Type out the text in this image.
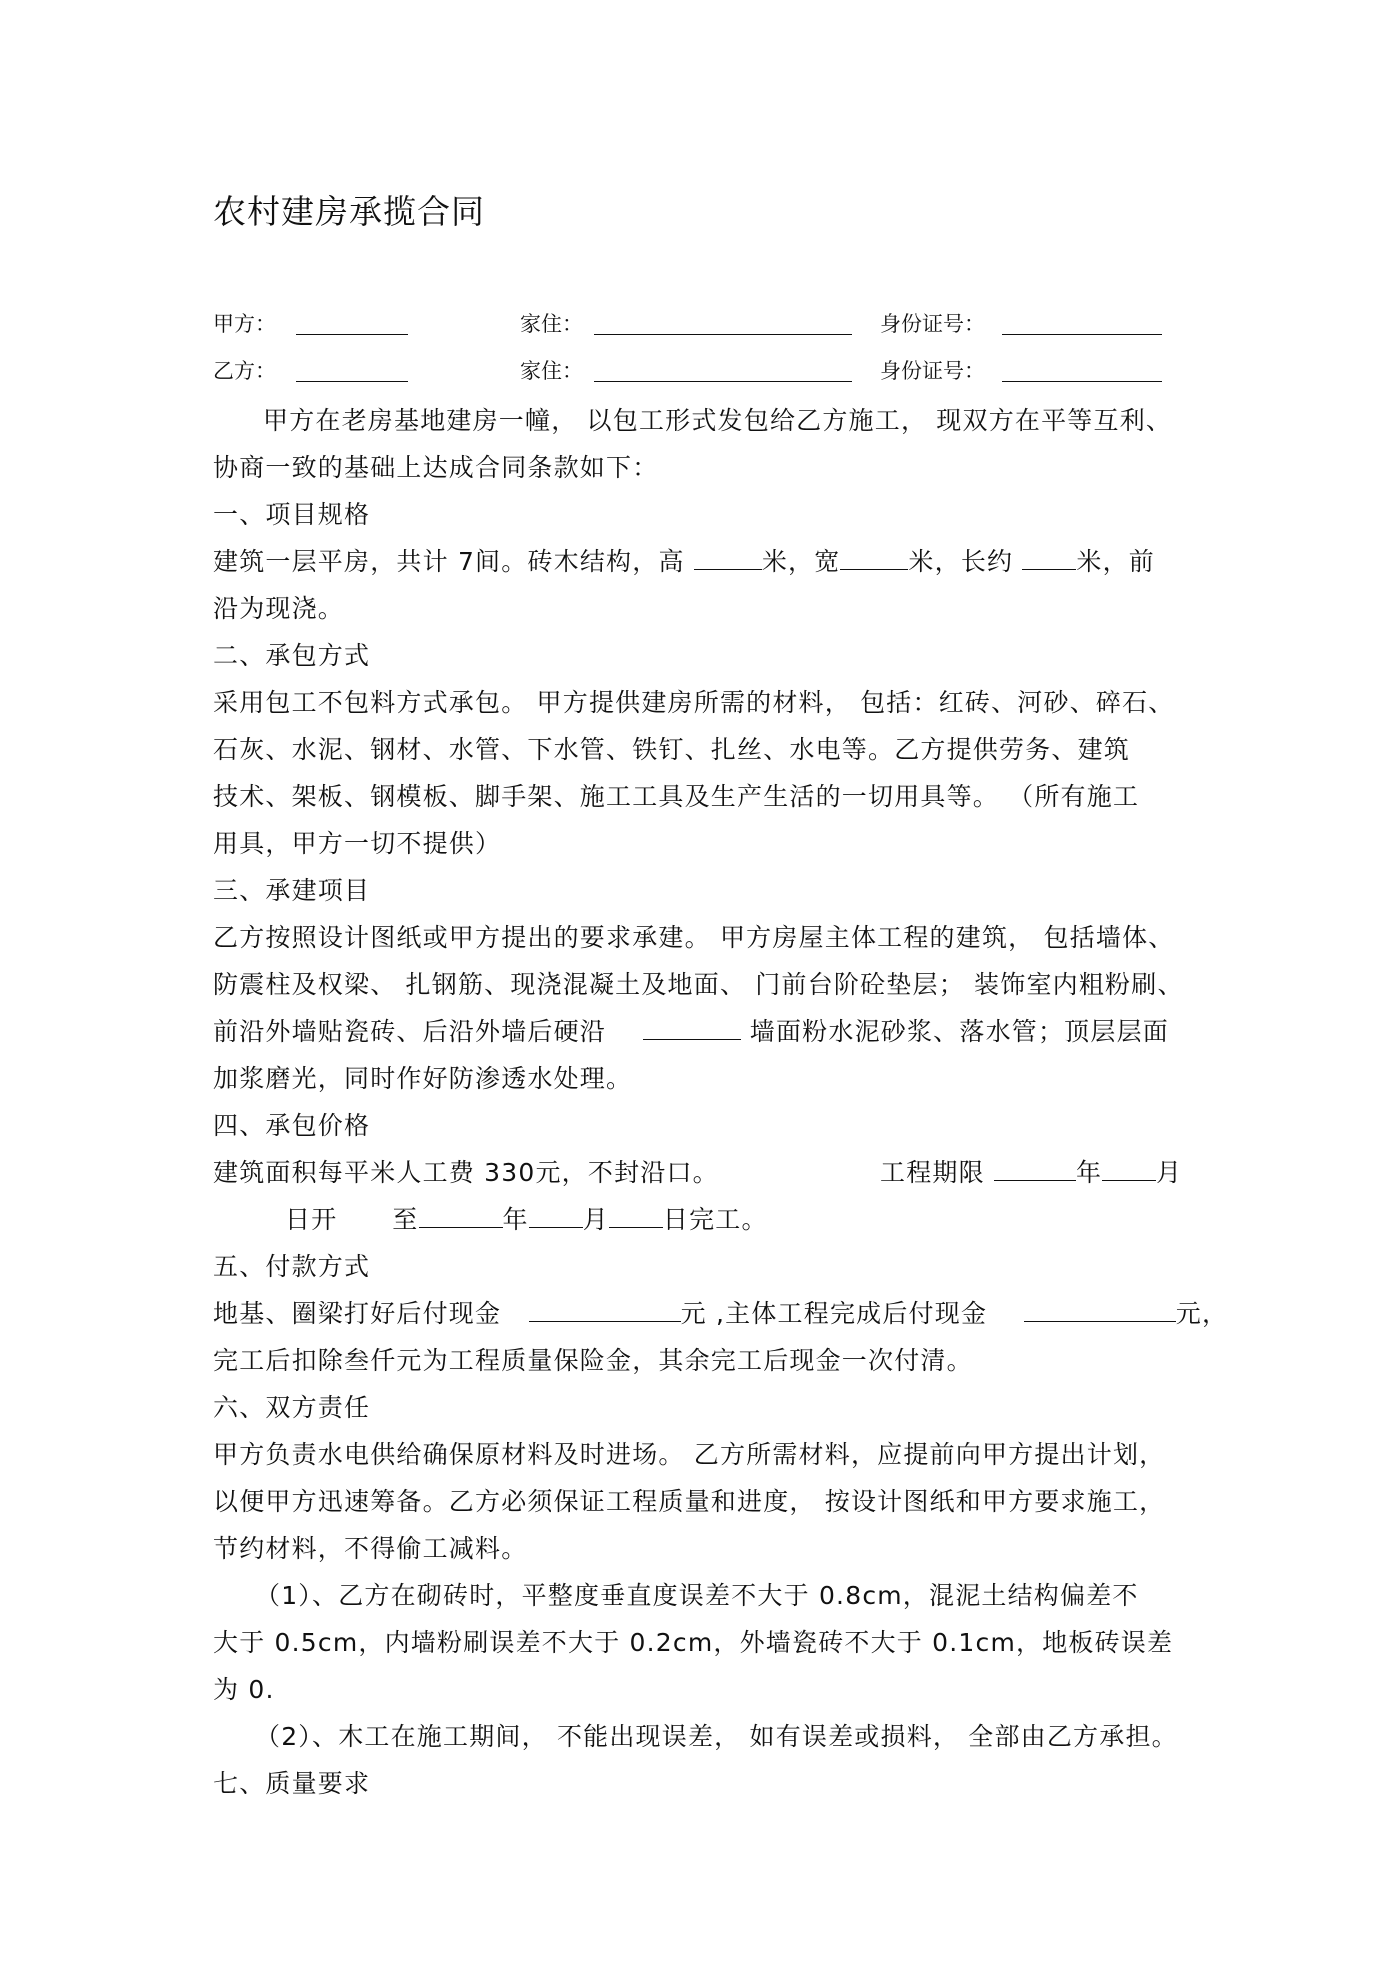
农村建房承揽合同
甲方：	家住：	身份证号：
乙方：	家住：	身份证号：
甲方在老房基地建房一幢， 以包工形式发包给乙方施工， 现双方在平等互利、
协商一致的基础上达成合同条款如下：
一、项目规格
建筑一层平房，共计 7间。砖木结构，高	米，宽	米，长约	米，前
沿为现浇。
二、承包方式
采用包工不包料方式承包。 甲方提供建房所需的材料， 包括：红砖、河砂、碎石、
石灰、水泥、钢材、水管、下水管、铁钉、扎丝、水电等。乙方提供劳务、建筑
技术、架板、钢模板、脚手架、施工工具及生产生活的一切用具等。 （所有施工
用具，甲方一切不提供）
三、承建项目
乙方按照设计图纸或甲方提出的要求承建。 甲方房屋主体工程的建筑， 包括墙体、
防震柱及权梁、 扎钢筋、现浇混凝土及地面、 门前台阶砼垫层； 装饰室内粗粉刷、
前沿外墙贴瓷砖、后沿外墙后硬沿	墙面粉水泥砂浆、落水管；顶层层面
加浆磨光，同时作好防渗透水处理。
四、承包价格
建筑面积每平米人工费 330元，不封沿口。	工程期限	年 月
日开 至	年 月 日完工。
五、付款方式
地基、圈梁打好后付现金	元 ,主体工程完成后付现金	元，
完工后扣除叁仟元为工程质量保险金，其余完工后现金一次付清。
六、双方责任
甲方负责水电供给确保原材料及时进场。 乙方所需材料，应提前向甲方提出计划，
以便甲方迅速筹备。乙方必须保证工程质量和进度， 按设计图纸和甲方要求施工，
节约材料，不得偷工减料。
（1）、乙方在砌砖时，平整度垂直度误差不大于 0.8cm，混泥土结构偏差不
大于 0.5cm，内墙粉刷误差不大于 0.2cm，外墙瓷砖不大于 0.1cm，地板砖误差
为 0.
（2）、木工在施工期间， 不能出现误差， 如有误差或损料， 全部由乙方承担。
七、质量要求
